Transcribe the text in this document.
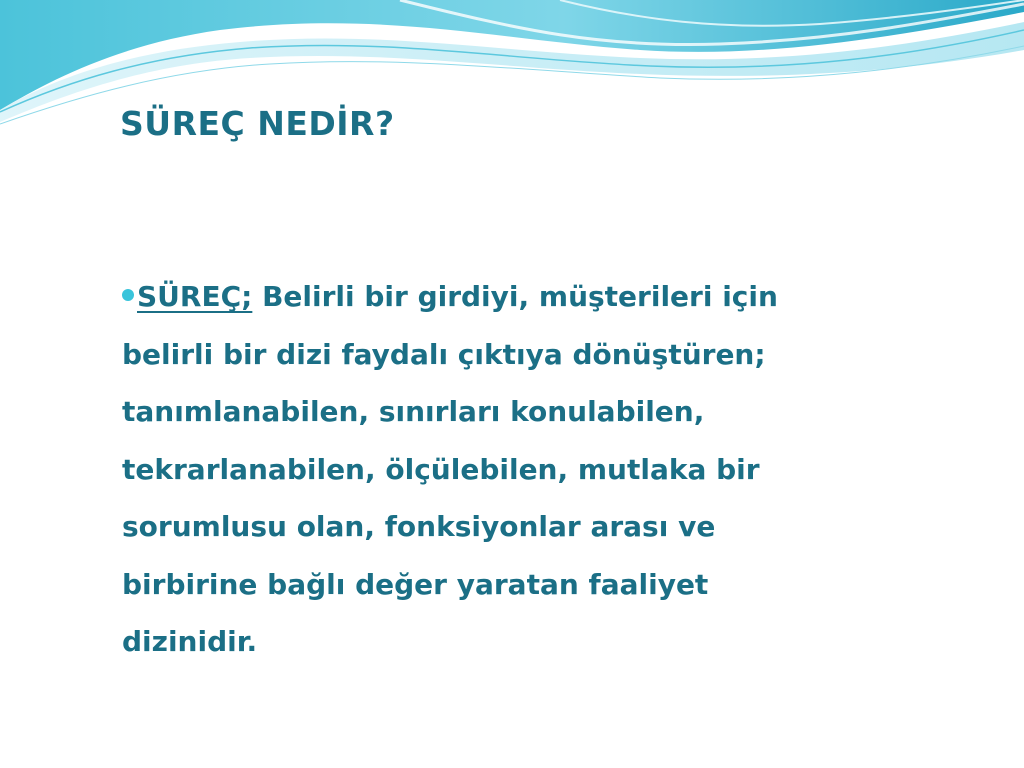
SÜREÇ NEDİR?
SÜREÇ; Belirli bir girdiyi, müşterileri için
belirli bir dizi faydalı çıktıya dönüştüren;
tanımlanabilen, sınırları konulabilen,
tekrarlanabilen, ölçülebilen, mutlaka bir
sorumlusu olan, fonksiyonlar arası ve
birbirine bağlı değer yaratan faaliyet
dizinidir.
